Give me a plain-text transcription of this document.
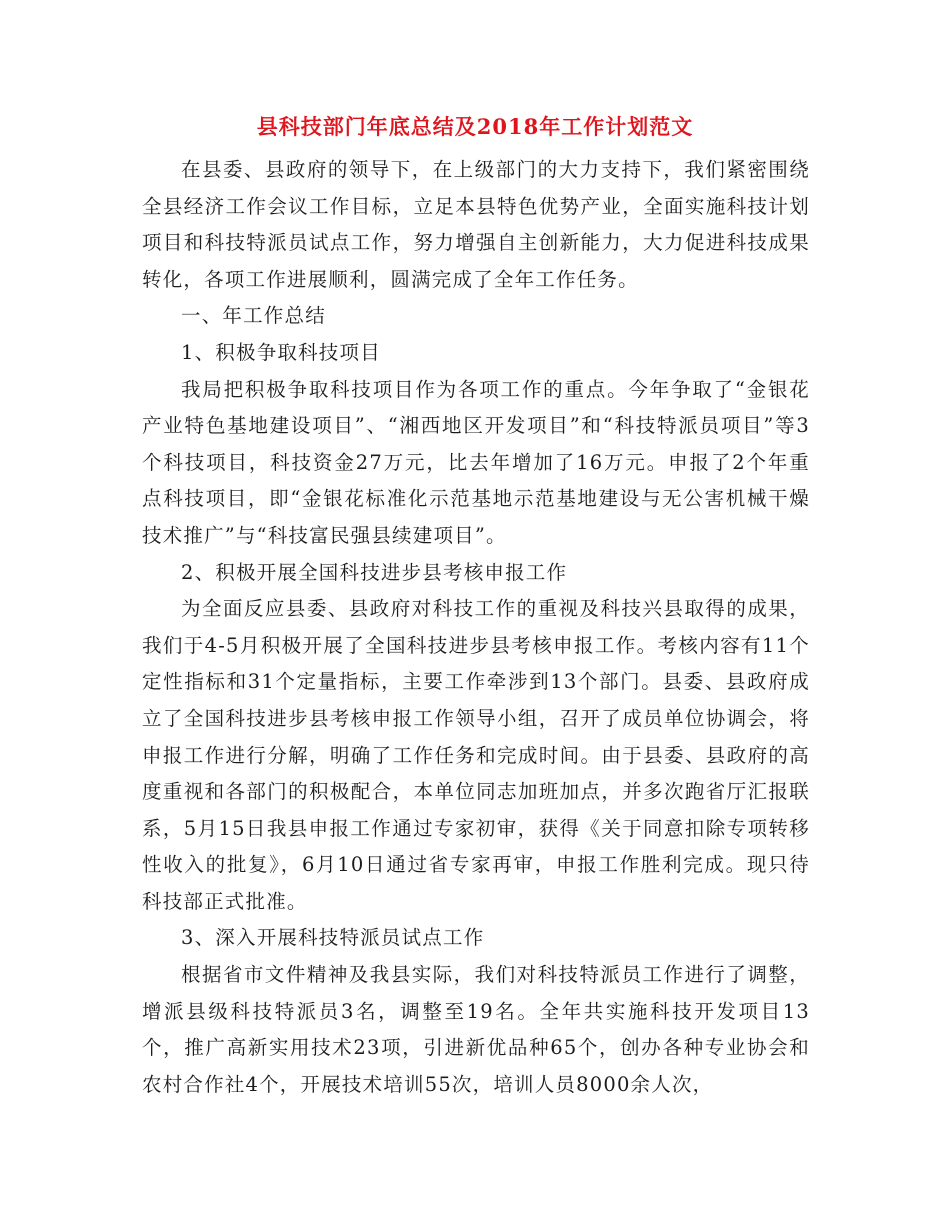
县科技部门年底总结及2018年工作计划范文

在县委、县政府的领导下，在上级部门的大力支持下，我们紧密围绕全县经济工作会议工作目标，立足本县特色优势产业，全面实施科技计划项目和科技特派员试点工作，努力增强自主创新能力，大力促进科技成果转化，各项工作进展顺利，圆满完成了全年工作任务。

一、年工作总结

1、积极争取科技项目

我局把积极争取科技项目作为各项工作的重点。今年争取了“金银花产业特色基地建设项目”、“湘西地区开发项目”和“科技特派员项目”等3个科技项目，科技资金27万元，比去年增加了16万元。申报了2个年重点科技项目，即“金银花标准化示范基地示范基地建设与无公害机械干燥技术推广”与“科技富民强县续建项目”。

2、积极开展全国科技进步县考核申报工作

为全面反应县委、县政府对科技工作的重视及科技兴县取得的成果，我们于4-5月积极开展了全国科技进步县考核申报工作。考核内容有11个定性指标和31个定量指标，主要工作牵涉到13个部门。县委、县政府成立了全国科技进步县考核申报工作领导小组，召开了成员单位协调会，将申报工作进行分解，明确了工作任务和完成时间。由于县委、县政府的高度重视和各部门的积极配合，本单位同志加班加点，并多次跑省厅汇报联系，5月15日我县申报工作通过专家初审，获得《关于同意扣除专项转移性收入的批复》，6月10日通过省专家再审，申报工作胜利完成。现只待科技部正式批准。

3、深入开展科技特派员试点工作

根据省市文件精神及我县实际，我们对科技特派员工作进行了调整，增派县级科技特派员3名，调整至19名。全年共实施科技开发项目13个，推广高新实用技术23项，引进新优品种65个，创办各种专业协会和农村合作社4个，开展技术培训55次，培训人员8000余人次，
